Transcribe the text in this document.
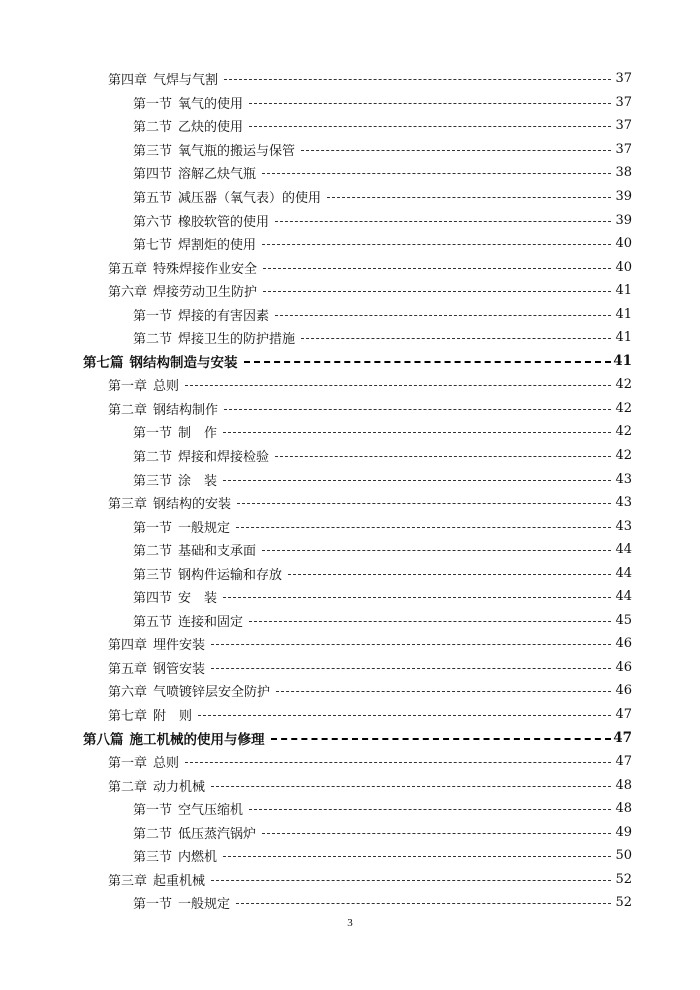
第四章 气焊与气割	37
第一节 氧气的使用	37
第二节 乙炔的使用	37
第三节 氧气瓶的搬运与保管	37
第四节 溶解乙炔气瓶	38
第五节 减压器（氧气表）的使用	39
第六节 橡胶软管的使用	39
第七节 焊割炬的使用	40
第五章 特殊焊接作业安全	40
第六章 焊接劳动卫生防护	41
第一节 焊接的有害因素	41
第二节 焊接卫生的防护措施	41
第七篇 钢结构制造与安装	41
第一章 总则	42
第二章 钢结构制作	42
第一节 制　作	42
第二节 焊接和焊接检验	42
第三节 涂　装	43
第三章 钢结构的安装	43
第一节 一般规定	43
第二节 基础和支承面	44
第三节 钢构件运输和存放	44
第四节 安　装	44
第五节 连接和固定	45
第四章 埋件安装	46
第五章 钢管安装	46
第六章 气喷镀锌层安全防护	46
第七章 附　则	47
第八篇 施工机械的使用与修理	47
第一章 总则	47
第二章 动力机械	48
第一节 空气压缩机	48
第二节 低压蒸汽锅炉	49
第三节 内燃机	50
第三章 起重机械	52
第一节 一般规定	52
3
